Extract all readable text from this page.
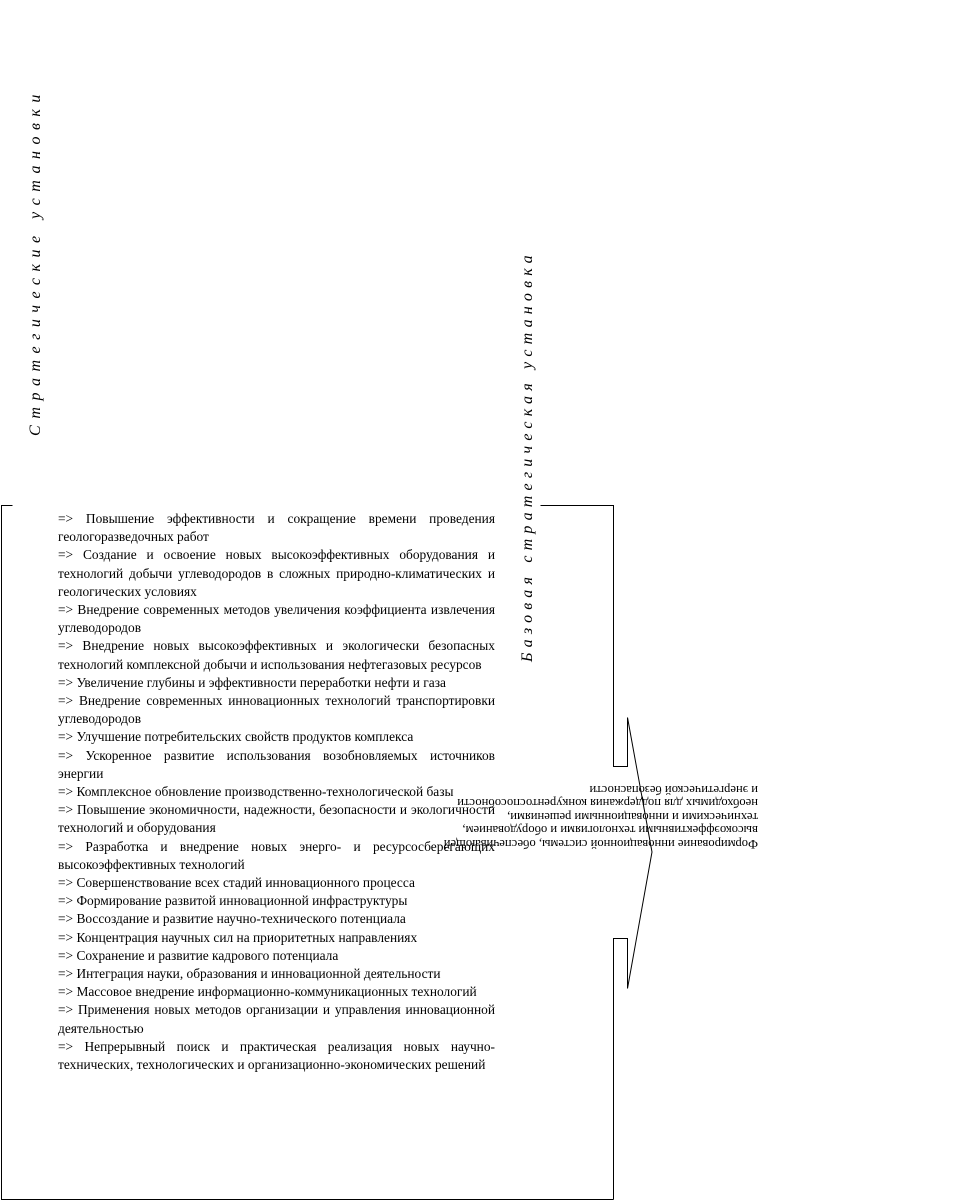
Стратегические установки	Базовая стратегическая установка
=> Повышение эффективности и сокращение времени проведения геологоразведочных работ
=> Создание и освоение новых высокоэффективных оборудования и технологий добычи углеводородов в сложных природно-климатических и геологических условиях
=> Внедрение современных методов увеличения коэффициента извлечения углеводородов
=> Внедрение новых высокоэффективных и экологически безопасных технологий комплексной добычи и использования нефтегазовых ресурсов
=> Увеличение глубины и эффективности переработки нефти и газа
=> Внедрение современных инновационных технологий транспортировки углеводородов
=> Улучшение потребительских свойств продуктов комплекса
=> Ускоренное развитие использования возобновляемых источников энергии
=> Комплексное обновление производственно-технологической базы
=> Повышение экономичности, надежности, безопасности и экологичности технологий и оборудования
=> Разработка и внедрение новых энерго- и ресурсосберегающих высокоэффективных технологий
=> Совершенствование всех стадий инновационного процесса
=> Формирование развитой инновационной инфраструктуры
=> Воссоздание и развитие научно-технического потенциала
=> Концентрация научных сил на приоритетных направлениях
=> Сохранение и развитие кадрового потенциала
=> Интеграция науки, образования и инновационной деятельности
=> Массовое внедрение информационно-коммуникационных технологий
=> Применения новых методов организации и управления инновационной деятельностью
=> Непрерывный поиск и практическая реализация новых научно-технических, технологических и организационно-экономических решений
Формирование инновационной системы, обеспечивающей
высокоэффективными технологиями и оборудованием,
техническими и инновационными решениями,
необходимых для поддержания конкурентоспособности
и энергетической безопасности
